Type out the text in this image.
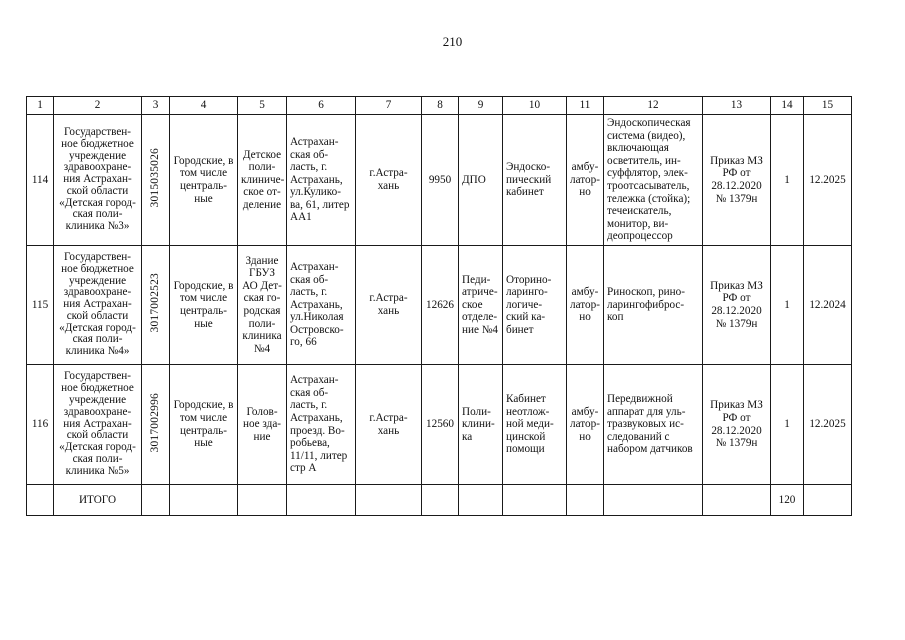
210
1	2	3	4	5	6	7	8	9	10	11	12	13	14	15
114	Государствен-ное бюджетное учреждение здравоохране-ния Астрахан-ской области «Детская город-ская поли-клиника №3»	3015035026	Городские, в том числе централь-ные	Детское поли-клиниче-ское от-деление	Астрахан-ская об-ласть, г. Астрахань, ул.Кулико-ва, 61, литер АА1	г.Астра-хань	9950	ДПО	Эндоско-пический кабинет	амбу-латор-но	Эндоскопическая система (видео), включающая осветитель, ин-суффлятор, элек-троотсасыватель, тележка (стойка); течеискатель, монитор, ви-деопроцессор	Приказ МЗ РФ от 28.12.2020 № 1379н	1	12.2025
115	Государствен-ное бюджетное учреждение здравоохране-ния Астрахан-ской области «Детская город-ская поли-клиника №4»	3017002523	Городские, в том числе централь-ные	Здание ГБУЗ АО Дет-ская го-родская поли-клиника №4	Астрахан-ская об-ласть, г. Астрахань, ул.Николая Островско-го, 66	г.Астра-хань	12626	Педи-атриче-ское отделе-ние №4	Оторино-ларинго-логиче-ский ка-бинет	амбу-латор-но	Риноскоп, рино-ларингофиброс-коп	Приказ МЗ РФ от 28.12.2020 № 1379н	1	12.2024
116	Государствен-ное бюджетное учреждение здравоохране-ния Астрахан-ской области «Детская город-ская поли-клиника №5»	3017002996	Городские, в том числе централь-ные	Голов-ное зда-ние	Астрахан-ская об-ласть, г. Астрахань, проезд. Во-робьева, 11/11, литер стр А	г.Астра-хань	12560	Поли-клини-ка	Кабинет неотлож-ной меди-цинской помощи	амбу-латор-но	Передвижной аппарат для уль-тразвуковых ис-следований с набором датчиков	Приказ МЗ РФ от 28.12.2020 № 1379н	1	12.2025
	ИТОГО												120	
